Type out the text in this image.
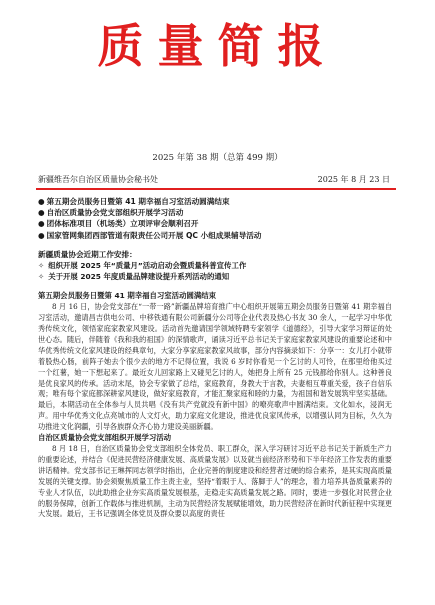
质量简报
2025 年第 38 期（总第 499 期）
新疆维吾尔自治区质量协会秘书处	2025 年 8 月 23 日
● 第五期会员服务日暨第 41 期幸福自习室活动圆满结束
● 自治区质量协会党支部组织开展学习活动
● 团体标准项目（机场类）立项评审会顺利召开
● 国家管网集团西部管道有限责任公司开展 QC 小组成果辅导活动
新疆质量协会近期工作安排：
✧ 组织开展 2025 年“质量月”活动启动会暨质量科普宣传工作
✧ 关于开展 2025 年度质量品牌建设提升系列活动的通知
第五期会员服务日暨第 41 期幸福自习室活动圆满结束

8 月 16 日，协会党支部在“一带一路”新疆品牌培育推广中心组织开展第五期会员服务日暨第 41 期幸福自习室活动，邀请昌吉供电公司、中移铁通有限公司新疆分公司等企业代表及热心书友 30 余人，一起学习中华优秀传统文化，领悟家庭家教家风建设。活动首先邀请国学领域特聘专家领学《道德经》，引导大家学习辩证的处世心态。随后，伴随着《我和我的祖国》的深情歌声，诵读习近平总书记关于家庭家教家风建设的重要论述和中华优秀传统文化家风建设的经典章句，大家分享家庭家教家风故事，部分内容摘录如下：分享一：女儿打小就带着股热心肠，前阵子她去个很少去的地方不记得位置，我说 6 岁时你看见一个乞讨的人可怜，在那里给他买过一个红薯，她一下想起来了。最近女儿回家路上又碰见乞讨的人，她把身上所有 25 元钱都给你别人。这种善良是优良家风的传承。活动末尾，协会专家做了总结，家庭教育，身教大于言教，夫妻相互尊重关爱，孩子自信乐观；唯有每个家庭都深耕家风建设，做好家庭教育，才能汇聚家庭和睦的力量，为祖国和谐发展筑牢坚实基础。最后，本期活动在全体参与人员共唱《没有共产党就没有新中国》的嘹亮歌声中圆满结束。文化如水，浸润无声。用中华优秀文化点亮城市的人文灯火，助力家庭文化建设，推进优良家风传承，以增强认同为目标，久久为功推进文化润疆，引导各族群众齐心协力建设美丽新疆。

自治区质量协会党支部组织开展学习活动

8 月 18 日，自治区质量协会党支部组织全体党员、职工群众，深入学习研讨习近平总书记关于新质生产力的重要论述，并结合《促进民营经济健康发展、高质量发展》以及就当前经济形势和下半年经济工作发表的重要讲话精神。党支部书记王琳挥同志领学时指出，企业完善的制度建设和经营者过硬的综合素养，是其实现高质量发展的关键支撑。协会须聚焦质量工作主责主业，坚持“着眼于人、落脚于人”的理念，着力培养具备质量素养的专业人才队伍，以此助推企业夯实高质量发展根基，走稳走实高质量发展之路。同时，要进一步强化对民营企业的服务保障，创新工作载体与推进机制，主动为民营经济发展赋能增效，助力民营经济在新时代新征程中实现更大发展。最后，王书记强调全体党员及群众要以高度的责任
